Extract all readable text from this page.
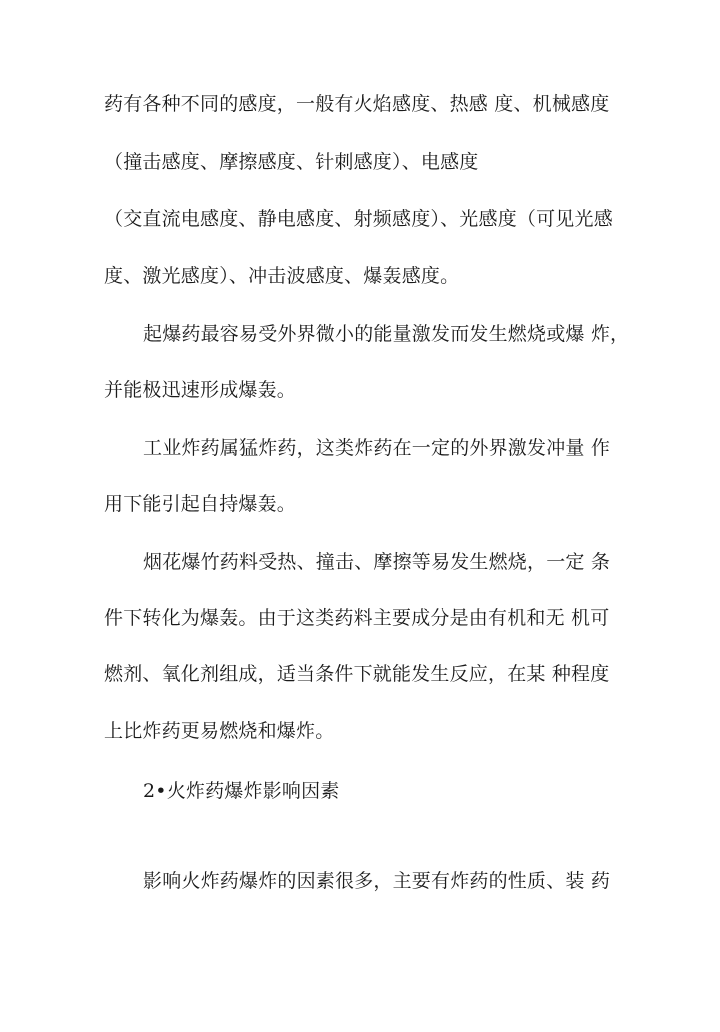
药有各种不同的感度，一般有火焰感度、热感 度、机械感度
（撞击感度、摩擦感度、针刺感度）、电感度
（交直流电感度、静电感度、射频感度）、光感度（可见光感
度、激光感度）、冲击波感度、爆轰感度。
起爆药最容易受外界微小的能量激发而发生燃烧或爆 炸，
并能极迅速形成爆轰。
工业炸药属猛炸药，这类炸药在一定的外界激发冲量 作
用下能引起自持爆轰。
烟花爆竹药料受热、撞击、摩擦等易发生燃烧，一定 条
件下转化为爆轰。由于这类药料主要成分是由有机和无 机可
燃剂、氧化剂组成，适当条件下就能发生反应，在某 种程度
上比炸药更易燃烧和爆炸。
2•火炸药爆炸影响因素
影响火炸药爆炸的因素很多，主要有炸药的性质、装 药
